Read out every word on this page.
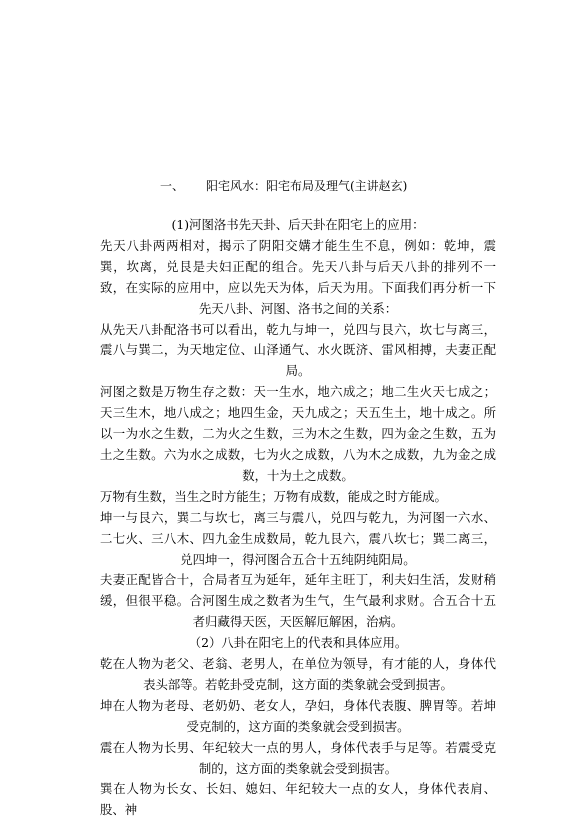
一、 阳宅风水：阳宅布局及理气(主讲赵玄)

(1)河图洛书先天卦、后天卦在阳宅上的应用：

先天八卦两两相对，揭示了阴阳交媾才能生生不息，例如：乾坤，震巽，坎离，兑艮是夫妇正配的组合。先天八卦与后天八卦的排列不一致，在实际的应用中，应以先天为体，后天为用。下面我们再分析一下先天八卦、河图、洛书之间的关系：

从先天八卦配洛书可以看出，乾九与坤一，兑四与艮六，坎七与离三，震八与巽二，为天地定位、山泽通气、水火既济、雷风相搏，夫妻正配局。

河图之数是万物生存之数：天一生水，地六成之；地二生火天七成之；天三生木，地八成之；地四生金，天九成之；天五生土，地十成之。所以一为水之生数，二为火之生数，三为木之生数，四为金之生数，五为土之生数。六为水之成数，七为火之成数，八为木之成数，九为金之成数，十为土之成数。

万物有生数，当生之时方能生；万物有成数，能成之时方能成。

坤一与艮六，巽二与坎七，离三与震八，兑四与乾九，为河图一六水、二七火、三八木、四九金生成数局，乾九艮六，震八坎七；巽二离三，兑四坤一，得河图合五合十五纯阴纯阳局。

夫妻正配皆合十，合局者互为延年，延年主旺丁，利夫妇生活，发财稍缓，但很平稳。合河图生成之数者为生气，生气最利求财。合五合十五者归藏得天医，天医解厄解困，治病。

（2）八卦在阳宅上的代表和具体应用。

乾在人物为老父、老翁、老男人，在单位为领导，有才能的人，身体代表头部等。若乾卦受克制，这方面的类象就会受到损害。

坤在人物为老母、老奶奶、老女人，孕妇，身体代表腹、脾胃等。若坤受克制的，这方面的类象就会受到损害。

震在人物为长男、年纪较大一点的男人，身体代表手与足等。若震受克制的，这方面的类象就会受到损害。

巽在人物为长女、长妇、媳妇、年纪较大一点的女人，身体代表肩、股、神
